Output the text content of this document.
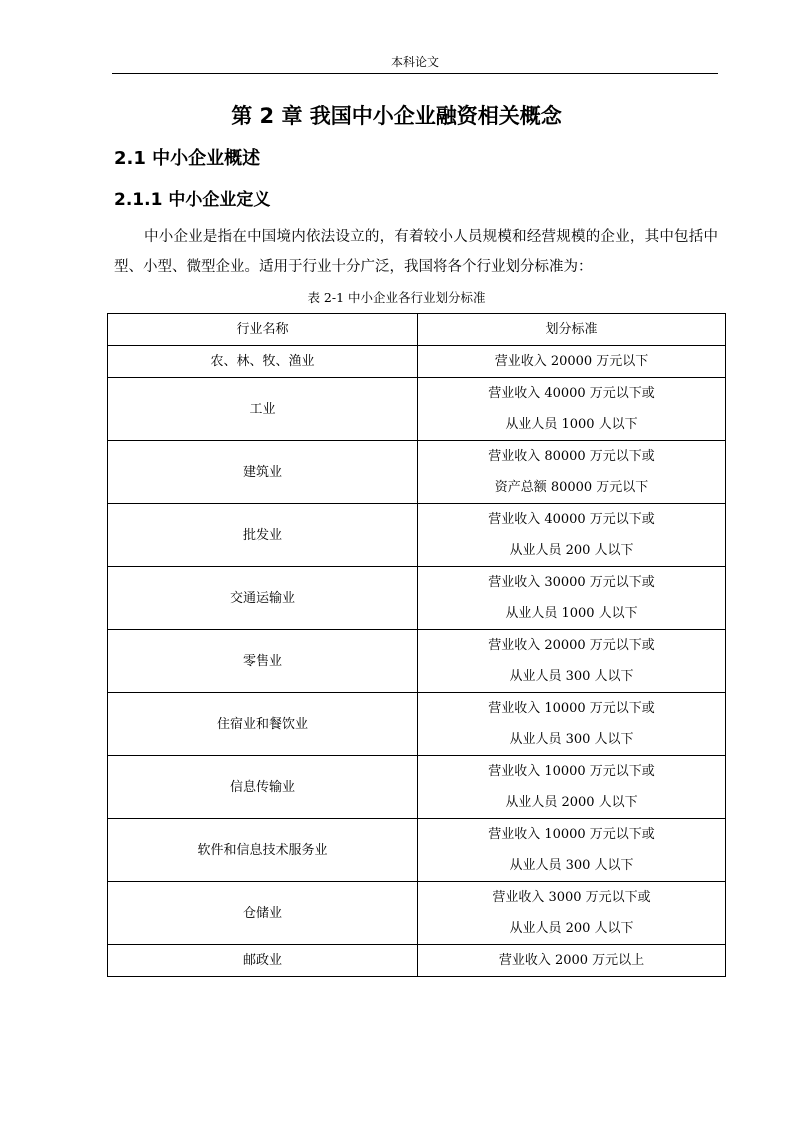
本科论文
第 2 章 我国中小企业融资相关概念
2.1 中小企业概述
2.1.1 中小企业定义

中小企业是指在中国境内依法设立的，有着较小人员规模和经营规模的企业，其中包括中型、小型、微型企业。适用于行业十分广泛，我国将各个行业划分标准为：

表 2-1 中小企业各行业划分标准
行业名称	划分标准
农、林、牧、渔业	营业收入 20000 万元以下

工业	营业收入 40000 万元以下或
从业人员 1000 人以下

建筑业	营业收入 80000 万元以下或
资产总额 80000 万元以下

批发业	营业收入 40000 万元以下或
从业人员 200 人以下

交通运输业	营业收入 30000 万元以下或
从业人员 1000 人以下

零售业	营业收入 20000 万元以下或
从业人员 300 人以下

住宿业和餐饮业	营业收入 10000 万元以下或
从业人员 300 人以下

信息传输业	营业收入 10000 万元以下或
从业人员 2000 人以下

软件和信息技术服务业	营业收入 10000 万元以下或
从业人员 300 人以下

仓储业	营业收入 3000 万元以下或
从业人员 200 人以下

邮政业	营业收入 2000 万元以上
